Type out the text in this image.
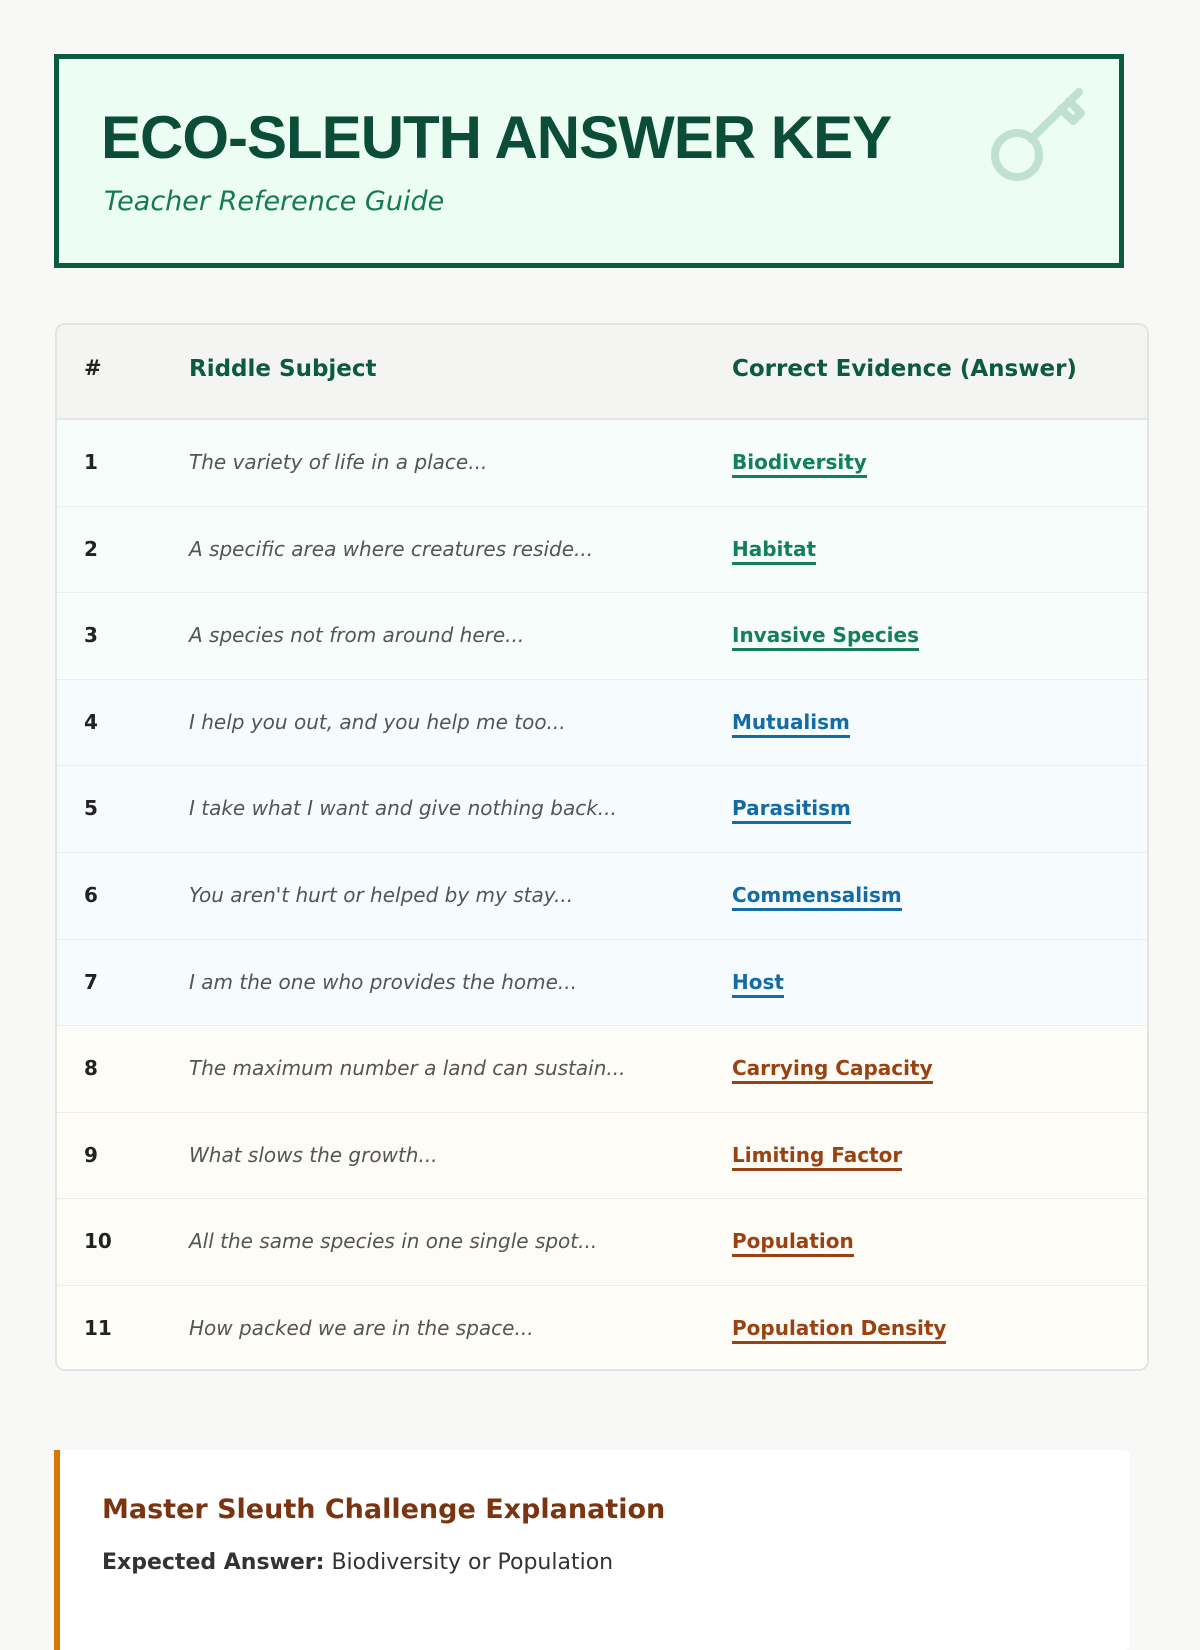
ECO-SLEUTH ANSWER KEY
Teacher Reference Guide
#	Riddle Subject	Correct Evidence (Answer)
1	The variety of life in a place...	Biodiversity
2	A specific area where creatures reside...	Habitat
3	A species not from around here...	Invasive Species
4	I help you out, and you help me too...	Mutualism
5	I take what I want and give nothing back...	Parasitism
6	You aren't hurt or helped by my stay...	Commensalism
7	I am the one who provides the home...	Host
8	The maximum number a land can sustain...	Carrying Capacity
9	What slows the growth...	Limiting Factor
10	All the same species in one single spot...	Population
11	How packed we are in the space...	Population Density
Master Sleuth Challenge Explanation

Expected Answer: Biodiversity or Population
